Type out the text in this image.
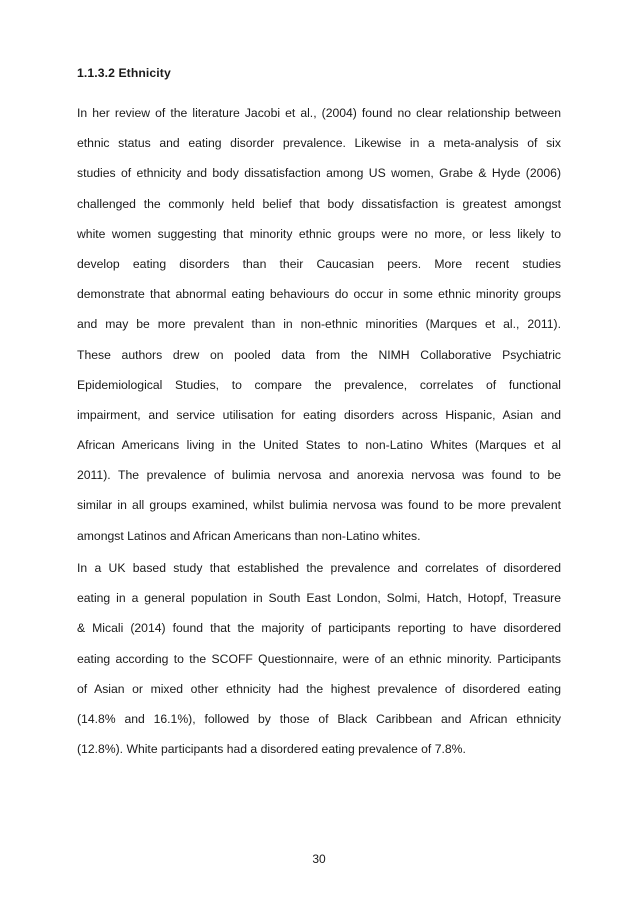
1.1.3.2 Ethnicity
In her review of the literature Jacobi et al., (2004) found no clear relationship between
ethnic status and eating disorder prevalence. Likewise in a meta-analysis of six
studies of ethnicity and body dissatisfaction among US women, Grabe & Hyde (2006)
challenged the commonly held belief that body dissatisfaction is greatest amongst
white women suggesting that minority ethnic groups were no more, or less likely to
develop eating disorders than their Caucasian peers. More recent studies
demonstrate that abnormal eating behaviours do occur in some ethnic minority groups
and may be more prevalent than in non-ethnic minorities (Marques et al., 2011).
These authors drew on pooled data from the NIMH Collaborative Psychiatric
Epidemiological Studies, to compare the prevalence, correlates of functional
impairment, and service utilisation for eating disorders across Hispanic, Asian and
African Americans living in the United States to non-Latino Whites (Marques et al
2011). The prevalence of bulimia nervosa and anorexia nervosa was found to be
similar in all groups examined, whilst bulimia nervosa was found to be more prevalent
amongst Latinos and African Americans than non-Latino whites.
In a UK based study that established the prevalence and correlates of disordered
eating in a general population in South East London, Solmi, Hatch, Hotopf, Treasure
& Micali (2014) found that the majority of participants reporting to have disordered
eating according to the SCOFF Questionnaire, were of an ethnic minority. Participants
of Asian or mixed other ethnicity had the highest prevalence of disordered eating
(14.8% and 16.1%), followed by those of Black Caribbean and African ethnicity
(12.8%). White participants had a disordered eating prevalence of 7.8%.
30
